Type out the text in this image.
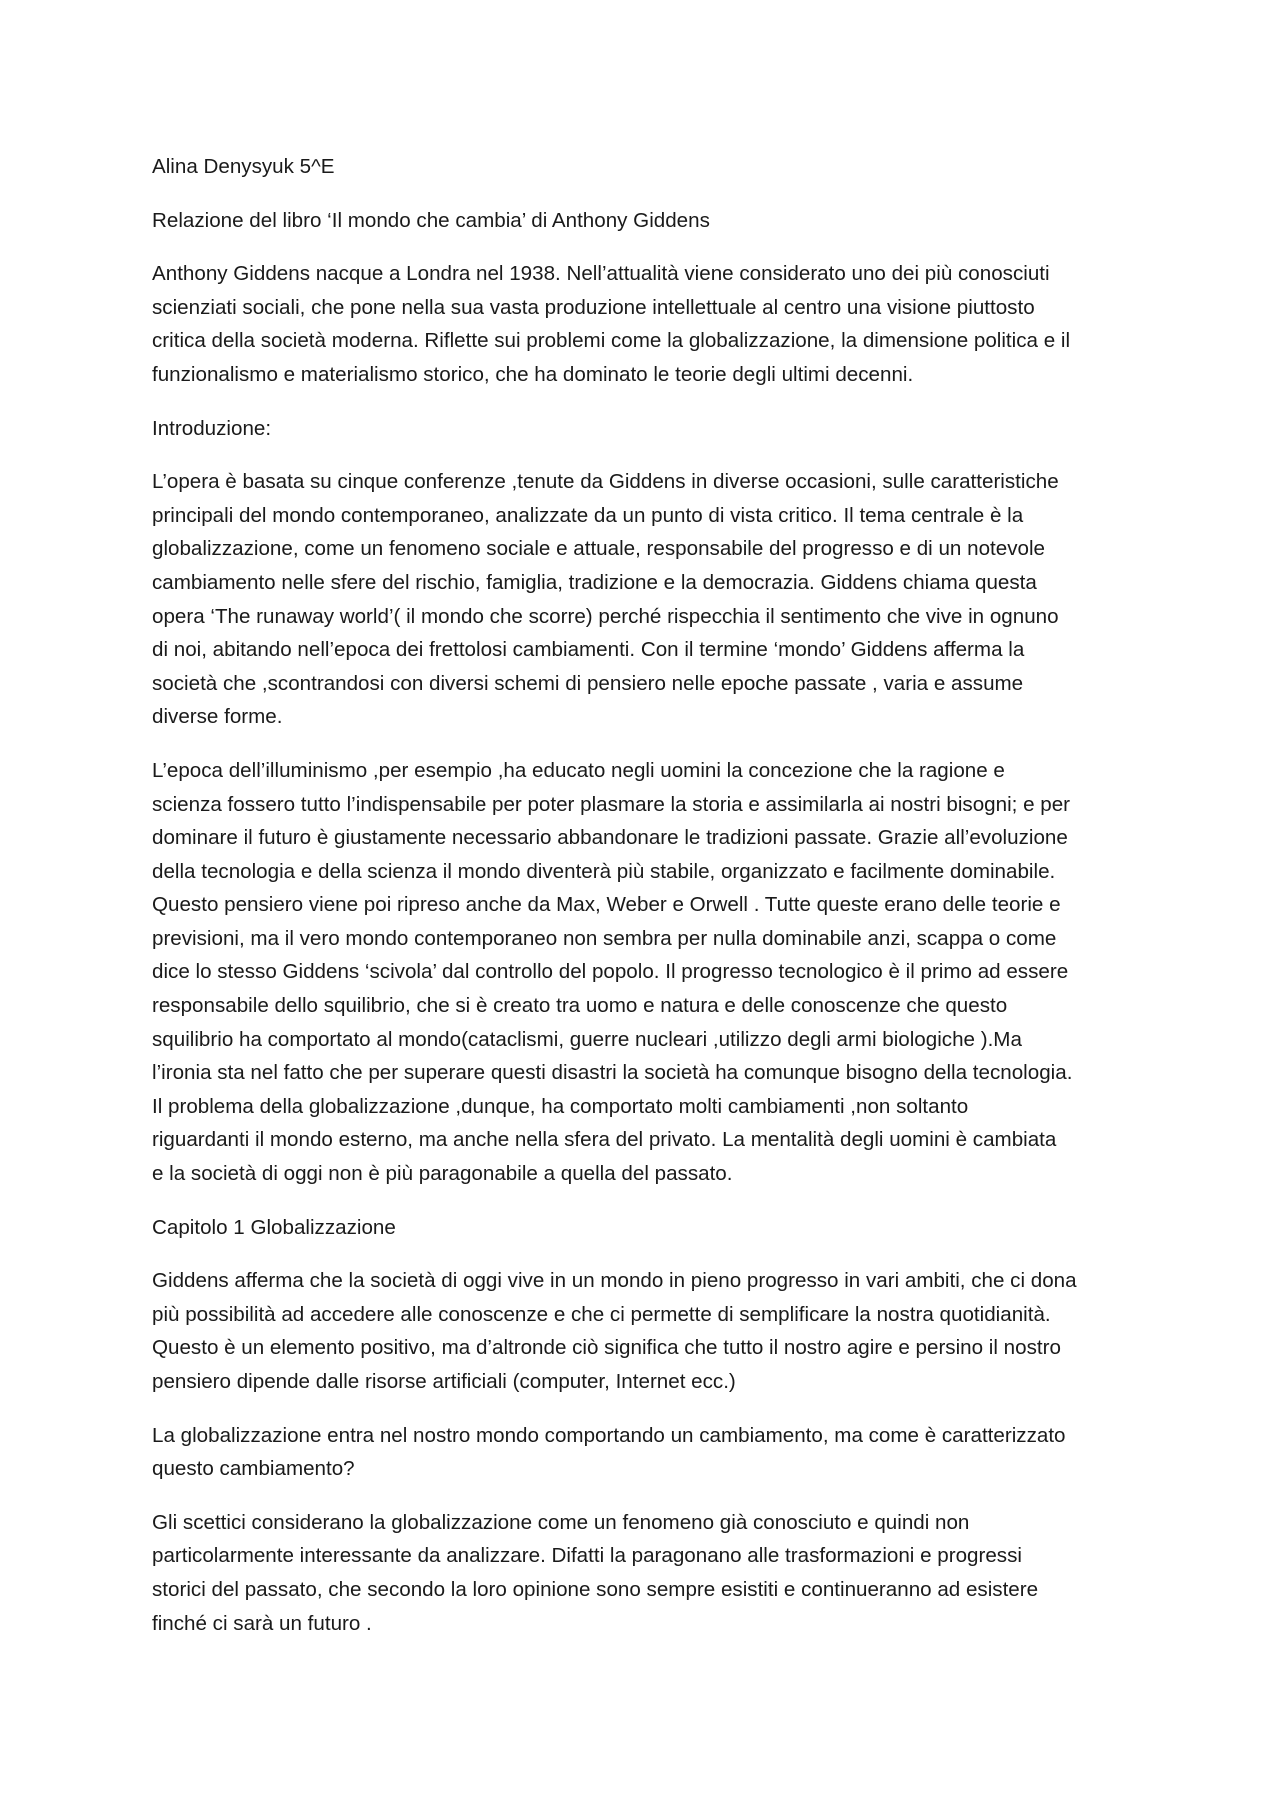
Alina Denysyuk 5^E

Relazione del libro ‘Il mondo che cambia’ di Anthony Giddens

Anthony Giddens nacque a Londra nel 1938. Nell’attualità viene considerato uno dei più conosciuti
scienziati sociali, che pone nella sua vasta produzione intellettuale al centro una visione piuttosto
critica della società moderna. Riflette sui problemi come la globalizzazione, la dimensione politica e il
funzionalismo e materialismo storico, che ha dominato le teorie degli ultimi decenni.

Introduzione:

L’opera è basata su cinque conferenze ,tenute da Giddens in diverse occasioni, sulle caratteristiche
principali del mondo contemporaneo, analizzate da un punto di vista critico. Il tema centrale è la
globalizzazione, come un fenomeno sociale e attuale, responsabile del progresso e di un notevole
cambiamento nelle sfere del rischio, famiglia, tradizione e la democrazia. Giddens chiama questa
opera ‘The runaway world’( il mondo che scorre) perché rispecchia il sentimento che vive in ognuno
di noi, abitando nell’epoca dei frettolosi cambiamenti. Con il termine ‘mondo’ Giddens afferma la
società che ,scontrandosi con diversi schemi di pensiero nelle epoche passate , varia e assume
diverse forme.

L’epoca dell’illuminismo ,per esempio ,ha educato negli uomini la concezione che la ragione e
scienza fossero tutto l’indispensabile per poter plasmare la storia e assimilarla ai nostri bisogni; e per
dominare il futuro è giustamente necessario abbandonare le tradizioni passate. Grazie all’evoluzione
della tecnologia e della scienza il mondo diventerà più stabile, organizzato e facilmente dominabile.
Questo pensiero viene poi ripreso anche da Max, Weber e Orwell . Tutte queste erano delle teorie e
previsioni, ma il vero mondo contemporaneo non sembra per nulla dominabile anzi, scappa o come
dice lo stesso Giddens ‘scivola’ dal controllo del popolo. Il progresso tecnologico è il primo ad essere
responsabile dello squilibrio, che si è creato tra uomo e natura e delle conoscenze che questo
squilibrio ha comportato al mondo(cataclismi, guerre nucleari ,utilizzo degli armi biologiche ).Ma
l’ironia sta nel fatto che per superare questi disastri la società ha comunque bisogno della tecnologia.
Il problema della globalizzazione ,dunque, ha comportato molti cambiamenti ,non soltanto
riguardanti il mondo esterno, ma anche nella sfera del privato. La mentalità degli uomini è cambiata
e la società di oggi non è più paragonabile a quella del passato.

Capitolo 1 Globalizzazione

Giddens afferma che la società di oggi vive in un mondo in pieno progresso in vari ambiti, che ci dona
più possibilità ad accedere alle conoscenze e che ci permette di semplificare la nostra quotidianità.
Questo è un elemento positivo, ma d’altronde ciò significa che tutto il nostro agire e persino il nostro
pensiero dipende dalle risorse artificiali (computer, Internet ecc.)

La globalizzazione entra nel nostro mondo comportando un cambiamento, ma come è caratterizzato
questo cambiamento?

Gli scettici considerano la globalizzazione come un fenomeno già conosciuto e quindi non
particolarmente interessante da analizzare. Difatti la paragonano alle trasformazioni e progressi
storici del passato, che secondo la loro opinione sono sempre esistiti e continueranno ad esistere
finché ci sarà un futuro .
